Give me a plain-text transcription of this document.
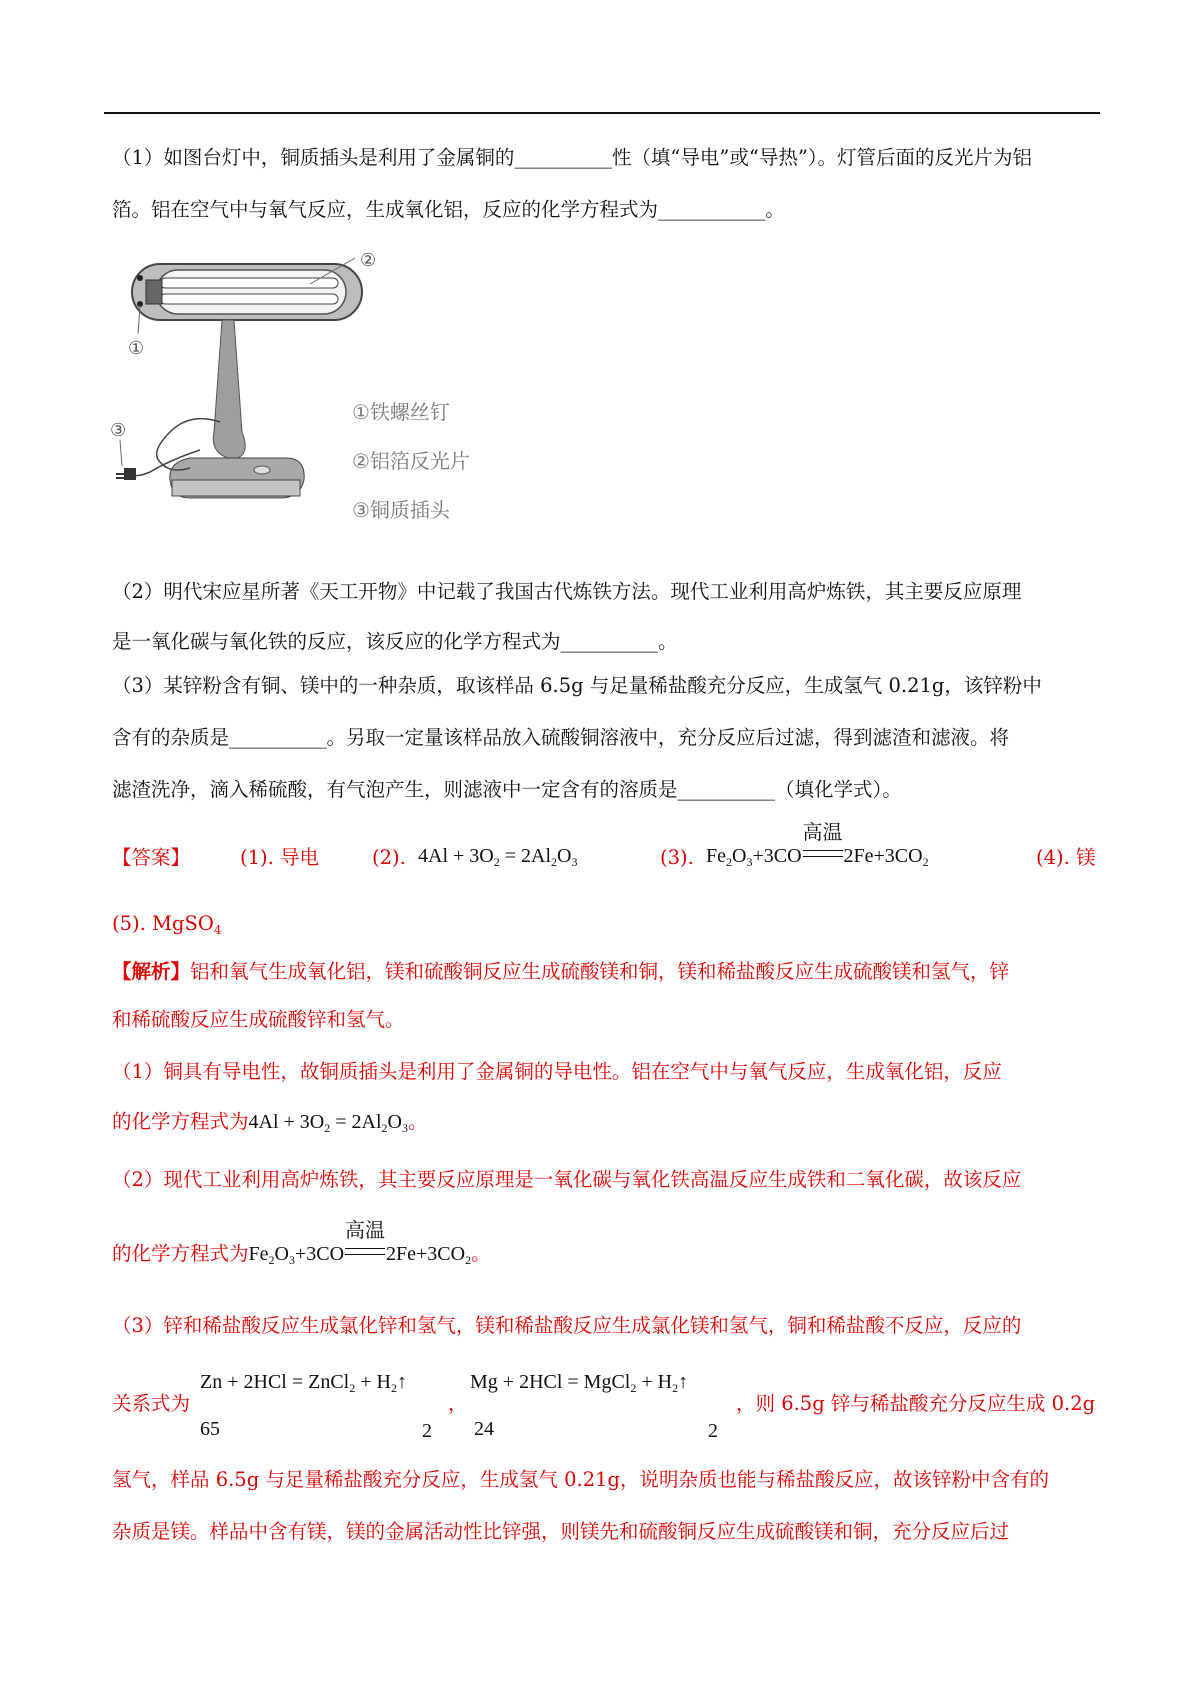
（1）如图台灯中，铜质插头是利用了金属铜的__________性（填“导电”或“导热”）。灯管后面的反光片为铝
箔。铝在空气中与氧气反应，生成氧化铝，反应的化学方程式为___________。
②
①
③
①铁螺丝钉
②铝箔反光片
③铜质插头
（2）明代宋应星所著《天工开物》中记载了我国古代炼铁方法。现代工业利用高炉炼铁，其主要反应原理
是一氧化碳与氧化铁的反应，该反应的化学方程式为__________。
（3）某锌粉含有铜、镁中的一种杂质，取该样品 6.5g 与足量稀盐酸充分反应，生成氢气 0.21g，该锌粉中
含有的杂质是__________。另取一定量该样品放入硫酸铜溶液中，充分反应后过滤，得到滤渣和滤液。将
滤渣洗净，滴入稀硫酸，有气泡产生，则滤液中一定含有的溶质是__________（填化学式）。
【答案】	(1). 导电	(2). $4Al + 3O_2 = 2Al_2O_3$	(3). $Fe_2O_3+3CO$
高温
$2Fe+3CO_2$	(4). 镁
(5). MgSO$_4$
【解析】铝和氧气生成氧化铝，镁和硫酸铜反应生成硫酸镁和铜，镁和稀盐酸反应生成硫酸镁和氢气，锌
和稀硫酸反应生成硫酸锌和氢气。
（1）铜具有导电性，故铜质插头是利用了金属铜的导电性。铝在空气中与氧气反应，生成氧化铝，反应
的化学方程式为$4Al + 3O_2 = 2Al_2O_3$。
（2）现代工业利用高炉炼铁，其主要反应原理是一氧化碳与氧化铁高温反应生成铁和二氧化碳，故该反应
的化学方程式为$Fe_2O_3+3CO$
高温
$2Fe+3CO_2$。
（3）锌和稀盐酸反应生成氯化锌和氢气，镁和稀盐酸反应生成氯化镁和氢气，铜和稀盐酸不反应，反应的
关系式为
Zn + 2HCl = ZnCl$_2$ + $H_2↑$
65	2
，
Mg + 2HCl = MgCl$_2$ + $H_2↑$
24	2
，则 6.5g 锌与稀盐酸充分反应生成 0.2g
氢气，样品 6.5g 与足量稀盐酸充分反应，生成氢气 0.21g，说明杂质也能与稀盐酸反应，故该锌粉中含有的
杂质是镁。样品中含有镁，镁的金属活动性比锌强，则镁先和硫酸铜反应生成硫酸镁和铜，充分反应后过
